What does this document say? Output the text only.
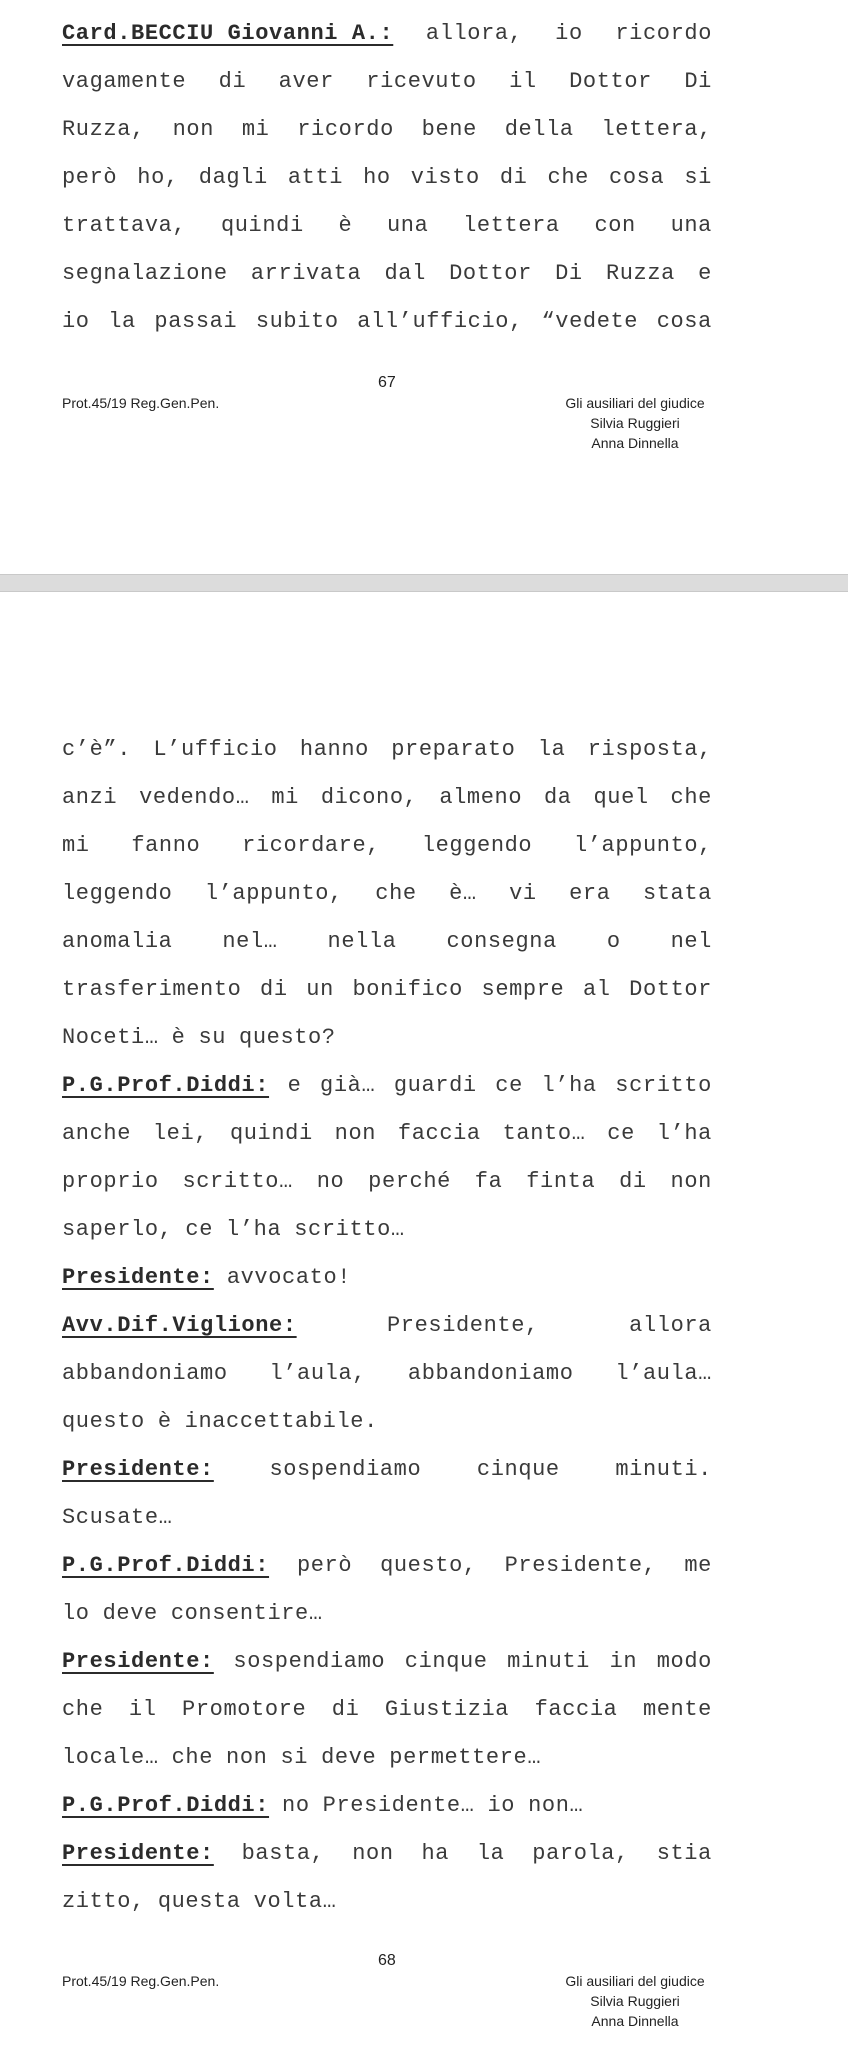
Card.BECCIU Giovanni A.: allora, io ricordo
vagamente di aver ricevuto il Dottor Di
Ruzza, non mi ricordo bene della lettera,
però ho, dagli atti ho visto di che cosa si
trattava, quindi è una lettera con una
segnalazione arrivata dal Dottor Di Ruzza e
io la passai subito all’ufficio, “vedete cosa
67
Prot.45/19 Reg.Gen.Pen.	Gli ausiliari del giudice
Silvia Ruggieri
Anna Dinnella
c’è”. L’ufficio hanno preparato la risposta,
anzi vedendo… mi dicono, almeno da quel che
mi fanno ricordare, leggendo l’appunto,
leggendo l’appunto, che è… vi era stata
anomalia nel… nella consegna o nel
trasferimento di un bonifico sempre al Dottor
Noceti… è su questo?
P.G.Prof.Diddi: e già… guardi ce l’ha scritto
anche lei, quindi non faccia tanto… ce l’ha
proprio scritto… no perché fa finta di non
saperlo, ce l’ha scritto…
Presidente: avvocato!
Avv.Dif.Viglione:	Presidente,	allora
abbandoniamo l’aula, abbandoniamo l’aula…
questo è inaccettabile.
Presidente:	sospendiamo	cinque	minuti.
Scusate…
P.G.Prof.Diddi: però questo, Presidente, me
lo deve consentire…
Presidente: sospendiamo cinque minuti in modo
che il Promotore di Giustizia faccia mente
locale… che non si deve permettere…
P.G.Prof.Diddi: no Presidente… io non…
Presidente: basta, non ha la parola, stia
zitto, questa volta…
68
Prot.45/19 Reg.Gen.Pen.	Gli ausiliari del giudice
Silvia Ruggieri
Anna Dinnella
